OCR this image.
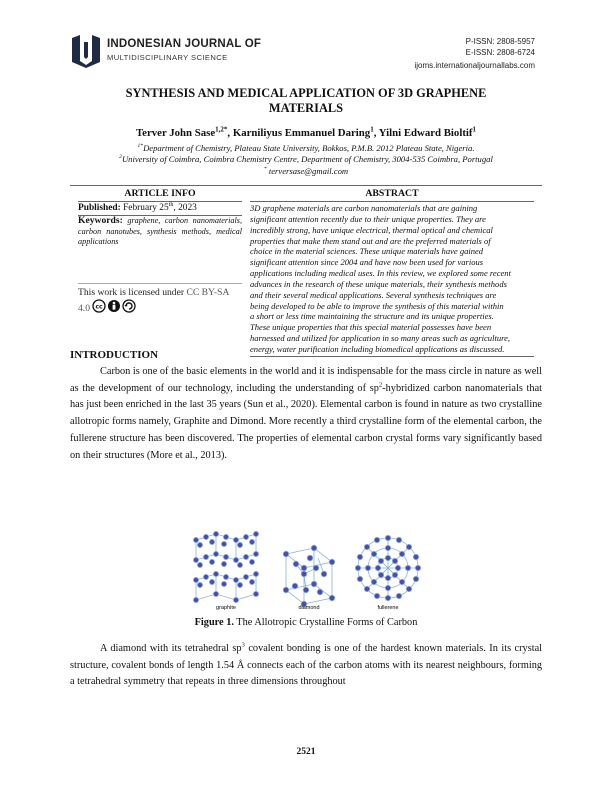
INDONESIAN JOURNAL OF
MULTIDISCIPLINARY SCIENCE
P-ISSN: 2808-5957
E-ISSN: 2808-6724
ijoms.internationaljournallabs.com
SYNTHESIS AND MEDICAL APPLICATION OF 3D GRAPHENE
MATERIALS
Terver John Sase$^{1,2*}$, Karniliyus Emmanuel Daring$^1$, Yilni Edward Bioltif$^1$
$^{1*}$Department of Chemistry, Plateau State University, Bokkos, P.M.B. 2012 Plateau State, Nigeria.
$^2$University of Coimbra, Coimbra Chemistry Centre, Department of Chemistry, 3004-535 Coimbra, Portugal
* terversase@gmail.com
ARTICLE INFO	ABSTRACT
Published: February 25th, 2023
Keywords: graphene, carbon nanomaterials, carbon nanotubes, synthesis methods, medical applications
This work is licensed under CC BY-SA 4.0 cc
3D graphene materials are carbon nanomaterials that are gaining
significant attention recently due to their unique properties. They are
incredibly strong, have unique electrical, thermal optical and chemical
properties that make them stand out and are the preferred materials of
choice in the material sciences. These unique materials have gained
significant attention since 2004 and have now been used for various
applications including medical uses. In this review, we explored some recent
advances in the research of these unique materials, their synthesis methods
and their several medical applications. Several synthesis techniques are
being developed to be able to improve the synthesis of this material within
a short or less time maintaining the structure and its unique properties.
These unique properties that this special material possesses have been
harnessed and utilized for application in so many areas such as agriculture,
energy, water purification including biomedical applications as discussed.
INTRODUCTION
Carbon is one of the basic elements in the world and it is indispensable for the mass circle in nature as well as the development of our technology, including the understanding of $sp^2$-hybridized carbon nanomaterials that has just been enriched in the last 35 years (Sun et al., 2020). Elemental carbon is found in nature as two crystalline allotropic forms namely, Graphite and Dimond. More recently a third crystalline form of the elemental carbon, the fullerene structure has been discovered. The properties of elemental carbon crystal forms vary significantly based on their structures (More et al., 2013).
graphite	diamond	fullerene
Figure 1. The Allotropic Crystalline Forms of Carbon
A diamond with its tetrahedral $sp^3$ covalent bonding is one of the hardest known materials. In its crystal structure, covalent bonds of length 1.54 Å connects each of the carbon atoms with its nearest neighbours, forming a tetrahedral symmetry that repeats in three dimensions throughout
2521
